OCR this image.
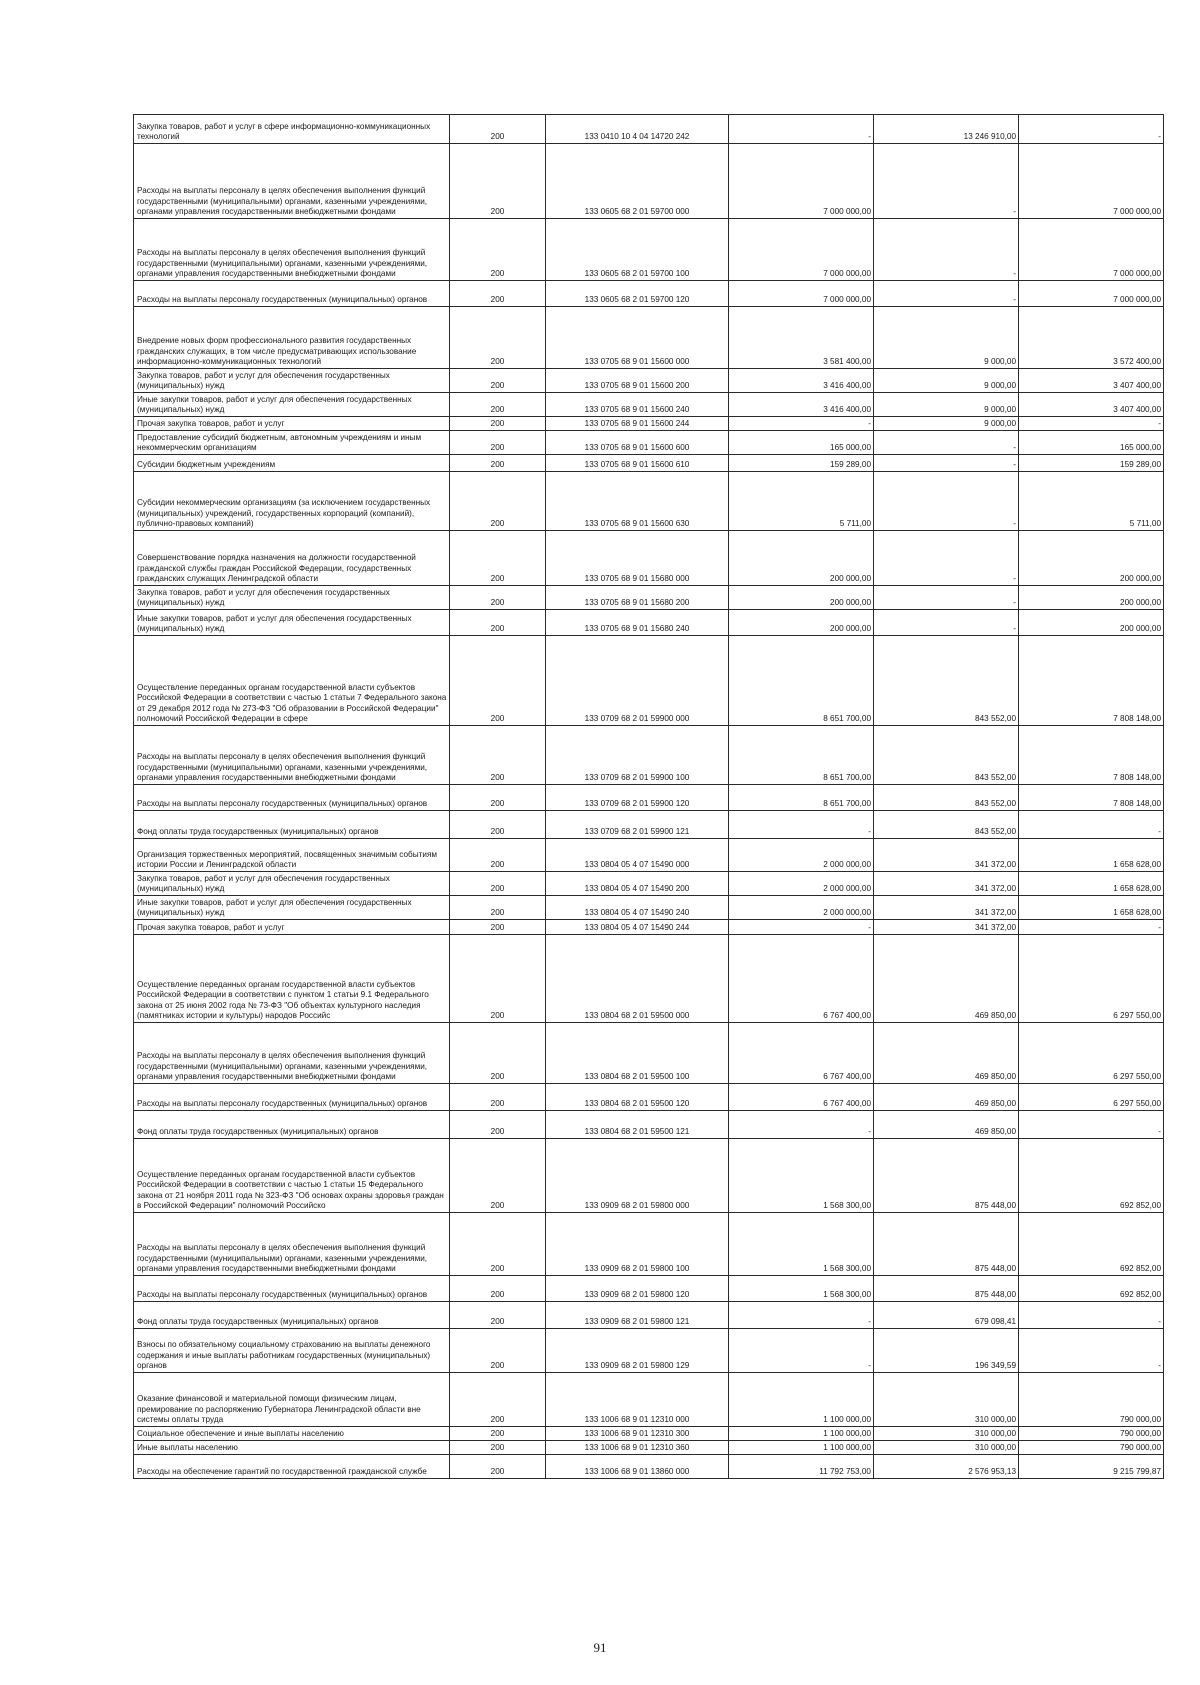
Закупка товаров, работ и услуг в сфере информационно-коммуникационных технологий	200	133 0410 10 4 04 14720 242	-	13 246 910,00	-
Расходы на выплаты персоналу в целях обеспечения выполнения функций государственными (муниципальными) органами, казенными учреждениями, органами управления государственными внебюджетными фондами	200	133 0605 68 2 01 59700 000	7 000 000,00	-	7 000 000,00
Расходы на выплаты персоналу в целях обеспечения выполнения функций государственными (муниципальными) органами, казенными учреждениями, органами управления государственными внебюджетными фондами	200	133 0605 68 2 01 59700 100	7 000 000,00	-	7 000 000,00
Расходы на выплаты персоналу государственных (муниципальных) органов	200	133 0605 68 2 01 59700 120	7 000 000,00	-	7 000 000,00
Внедрение новых форм профессионального развития государственных гражданских служащих, в том числе предусматривающих использование информационно-коммуникационных технологий	200	133 0705 68 9 01 15600 000	3 581 400,00	9 000,00	3 572 400,00
Закупка товаров, работ и услуг для обеспечения государственных (муниципальных) нужд	200	133 0705 68 9 01 15600 200	3 416 400,00	9 000,00	3 407 400,00
Иные закупки товаров, работ и услуг для обеспечения государственных (муниципальных) нужд	200	133 0705 68 9 01 15600 240	3 416 400,00	9 000,00	3 407 400,00
Прочая закупка товаров, работ и услуг	200	133 0705 68 9 01 15600 244	-	9 000,00	-
Предоставление субсидий бюджетным, автономным учреждениям и иным некоммерческим организациям	200	133 0705 68 9 01 15600 600	165 000,00	-	165 000,00
Субсидии бюджетным учреждениям	200	133 0705 68 9 01 15600 610	159 289,00	-	159 289,00
Субсидии некоммерческим организациям (за исключением государственных (муниципальных) учреждений, государственных корпораций (компаний), публично-правовых компаний)	200	133 0705 68 9 01 15600 630	5 711,00	-	5 711,00
Совершенствование порядка назначения на должности государственной гражданской службы граждан Российской Федерации, государственных гражданских служащих Ленинградской области	200	133 0705 68 9 01 15680 000	200 000,00	-	200 000,00
Закупка товаров, работ и услуг для обеспечения государственных (муниципальных) нужд	200	133 0705 68 9 01 15680 200	200 000,00	-	200 000,00
Иные закупки товаров, работ и услуг для обеспечения государственных (муниципальных) нужд	200	133 0705 68 9 01 15680 240	200 000,00	-	200 000,00
Осуществление переданных органам государственной власти субъектов Российской Федерации в соответствии с частью 1 статьи 7 Федерального закона от 29 декабря 2012 года № 273-ФЗ "Об образовании в Российской Федерации" полномочий Российской Федерации в сфере	200	133 0709 68 2 01 59900 000	8 651 700,00	843 552,00	7 808 148,00
Расходы на выплаты персоналу в целях обеспечения выполнения функций государственными (муниципальными) органами, казенными учреждениями, органами управления государственными внебюджетными фондами	200	133 0709 68 2 01 59900 100	8 651 700,00	843 552,00	7 808 148,00
Расходы на выплаты персоналу государственных (муниципальных) органов	200	133 0709 68 2 01 59900 120	8 651 700,00	843 552,00	7 808 148,00
Фонд оплаты труда государственных (муниципальных) органов	200	133 0709 68 2 01 59900 121	-	843 552,00	-
Организация торжественных мероприятий, посвященных значимым событиям истории России и Ленинградской области	200	133 0804 05 4 07 15490 000	2 000 000,00	341 372,00	1 658 628,00
Закупка товаров, работ и услуг для обеспечения государственных (муниципальных) нужд	200	133 0804 05 4 07 15490 200	2 000 000,00	341 372,00	1 658 628,00
Иные закупки товаров, работ и услуг для обеспечения государственных (муниципальных) нужд	200	133 0804 05 4 07 15490 240	2 000 000,00	341 372,00	1 658 628,00
Прочая закупка товаров, работ и услуг	200	133 0804 05 4 07 15490 244	-	341 372,00	-
Осуществление переданных органам государственной власти субъектов Российской Федерации в соответствии с пунктом 1 статьи 9.1 Федерального закона от 25 июня 2002 года № 73-ФЗ "Об объектах культурного наследия (памятниках истории и культуры) народов Российс	200	133 0804 68 2 01 59500 000	6 767 400,00	469 850,00	6 297 550,00
Расходы на выплаты персоналу в целях обеспечения выполнения функций государственными (муниципальными) органами, казенными учреждениями, органами управления государственными внебюджетными фондами	200	133 0804 68 2 01 59500 100	6 767 400,00	469 850,00	6 297 550,00
Расходы на выплаты персоналу государственных (муниципальных) органов	200	133 0804 68 2 01 59500 120	6 767 400,00	469 850,00	6 297 550,00
Фонд оплаты труда государственных (муниципальных) органов	200	133 0804 68 2 01 59500 121	-	469 850,00	-
Осуществление переданных органам государственной власти субъектов Российской Федерации в соответствии с частью 1 статьи 15 Федерального закона от 21 ноября 2011 года № 323-ФЗ "Об основах охраны здоровья граждан в Российской Федерации" полномочий Российско	200	133 0909 68 2 01 59800 000	1 568 300,00	875 448,00	692 852,00
Расходы на выплаты персоналу в целях обеспечения выполнения функций государственными (муниципальными) органами, казенными учреждениями, органами управления государственными внебюджетными фондами	200	133 0909 68 2 01 59800 100	1 568 300,00	875 448,00	692 852,00
Расходы на выплаты персоналу государственных (муниципальных) органов	200	133 0909 68 2 01 59800 120	1 568 300,00	875 448,00	692 852,00
Фонд оплаты труда государственных (муниципальных) органов	200	133 0909 68 2 01 59800 121	-	679 098,41	-
Взносы по обязательному социальному страхованию на выплаты денежного содержания и иные выплаты работникам государственных (муниципальных) органов	200	133 0909 68 2 01 59800 129	-	196 349,59	-
Оказание финансовой и материальной помощи физическим лицам, премирование по распоряжению Губернатора Ленинградской области вне системы оплаты труда	200	133 1006 68 9 01 12310 000	1 100 000,00	310 000,00	790 000,00
Социальное обеспечение и иные выплаты населению	200	133 1006 68 9 01 12310 300	1 100 000,00	310 000,00	790 000,00
Иные выплаты населению	200	133 1006 68 9 01 12310 360	1 100 000,00	310 000,00	790 000,00
Расходы на обеспечение гарантий по государственной гражданской службе	200	133 1006 68 9 01 13860 000	11 792 753,00	2 576 953,13	9 215 799,87
91
